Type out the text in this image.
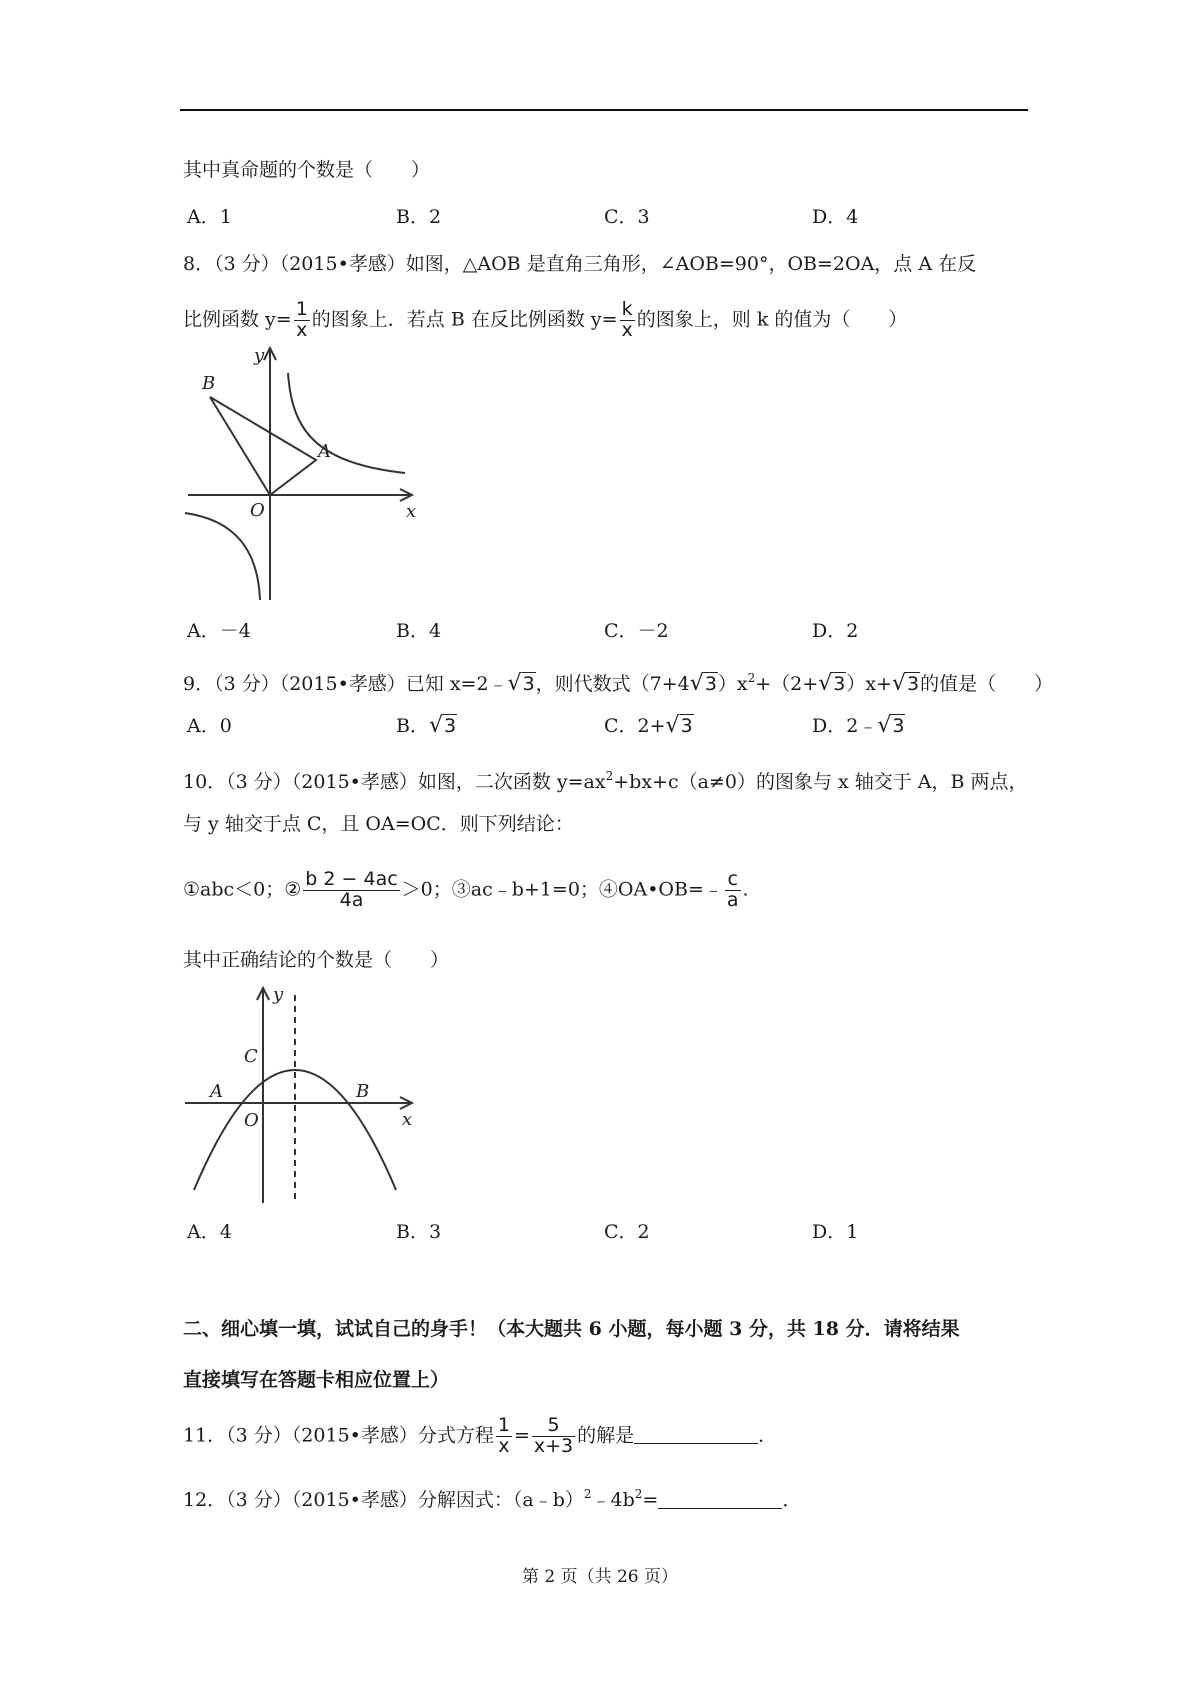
其中真命题的个数是（　　）
A．1	B．2	C．3	D．4
8．（3 分）（2015•孝感）如图，△AOB 是直角三角形，∠AOB=90°，OB=2OA，点 A 在反
比例函数 $y= \frac{1}{x}$ 的图象上．若点 B 在反比例函数 $y= \frac{k}{x}$ 的图象上，则 k 的值为（　　）
B
y
A
O	x
A．－4	B．4	C．－2	D．2
9．（3 分）（2015•孝感）已知 x=2﹣√3，则代数式$(7+4√3)x^2+(2+√3)x+√3$的值是（　　）
A．0	B．√3	C．2+√3	D．2﹣√3
10．（3 分）（2015•孝感）如图，二次函数 $y=ax^2+bx+c(a\ne 0)$的图象与 x 轴交于 A，B 两点，
与 y 轴交于点 C，且 OA=OC．则下列结论：
①abc＜0；② $\frac{b 2 - 4ac}{4a} >0$；③ac﹣b+1=0；④OA•OB=﹣ $\frac{c}{a}$ .
其中正确结论的个数是（　　）
y
C
A
O
B
x
A．4	B．3	C．2	D．1
二、细心填一填，试试自己的身手！（本大题共 6 小题，每小题 3 分，共 18 分．请将结果
直接填写在答题卡相应位置上）
11．（3 分）（2015•孝感）分式方程 $\frac{1}{x} = \frac{5}{x+3}$ 的解是	．
12．（3 分）（2015•孝感）分解因式：$(a﹣b)^2﹣4b^2=$	．
第 2 页（共 26 页）
